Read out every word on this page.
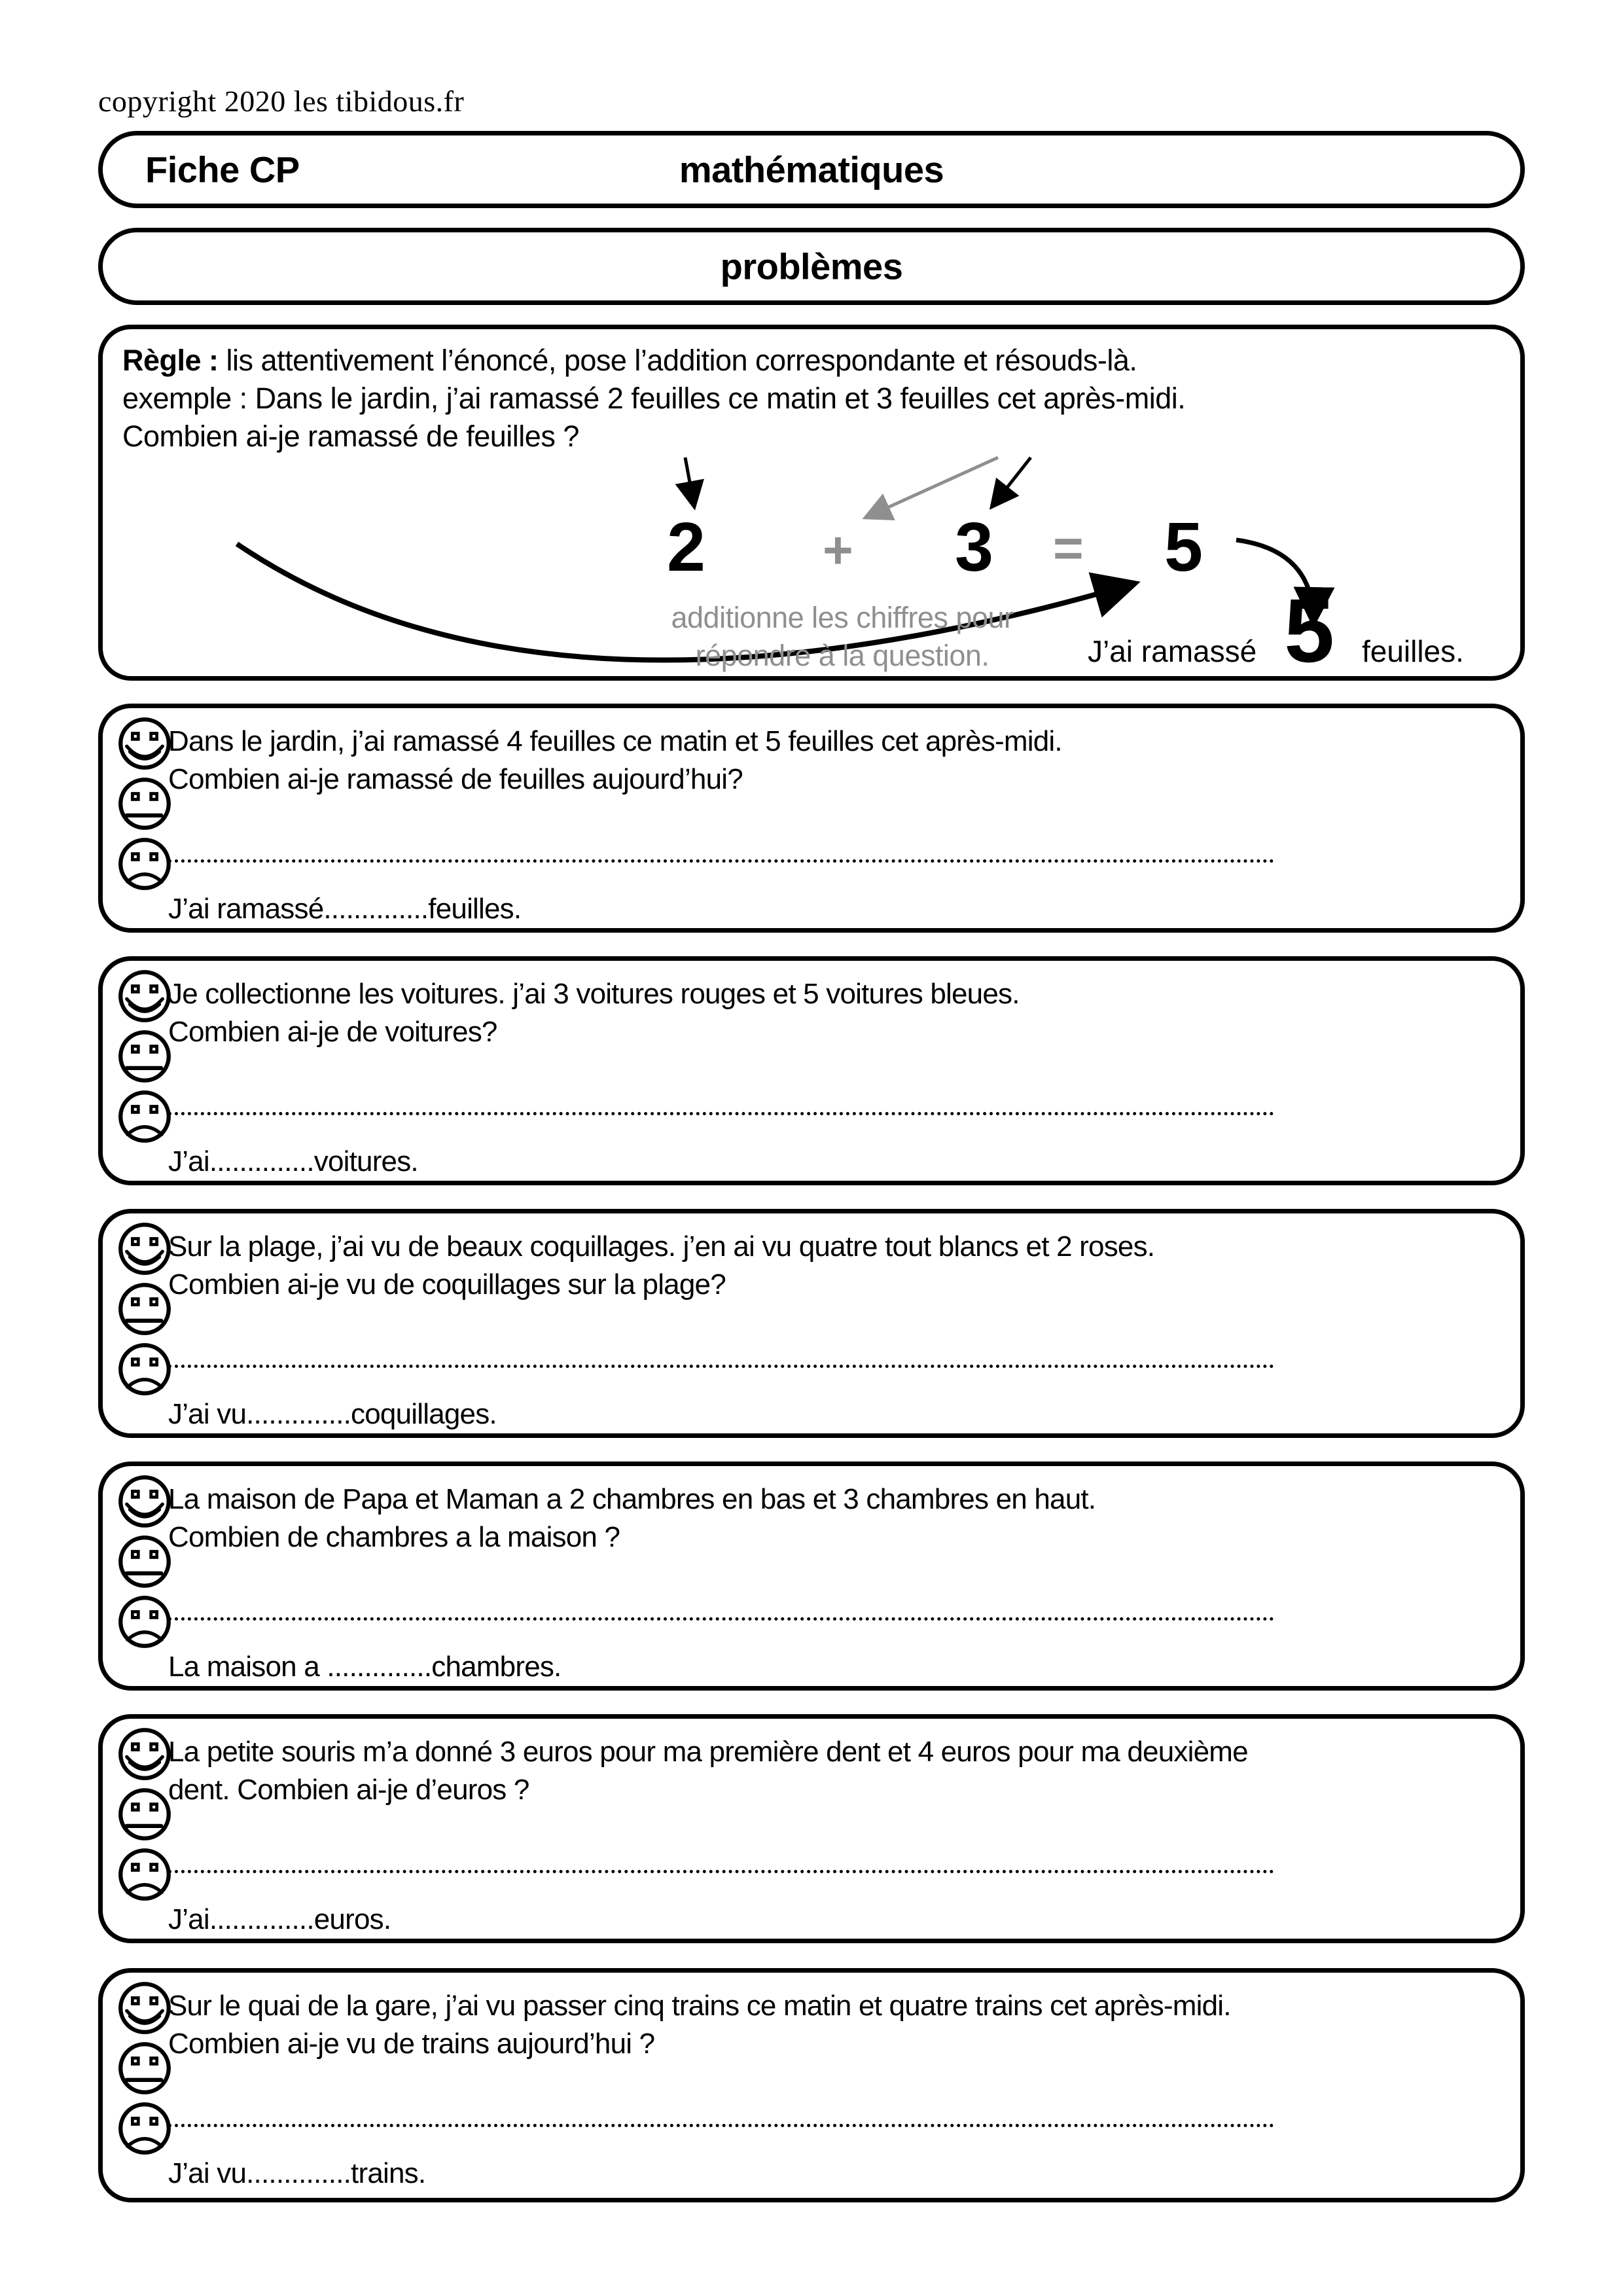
copyright 2020 les tibidous.fr
Fiche CP	mathématiques
problèmes
Règle : lis attentivement l’énoncé, pose l’addition correspondante et résouds-là.
exemple : Dans le jardin, j’ai ramassé 2 feuilles ce matin et 3 feuilles cet après-midi.
Combien ai-je ramassé de feuilles ?
2 + 3 = 5
additionne les chiffres pour
répondre à la question.	J’ai ramassé 5 feuilles.
Dans le jardin, j’ai ramassé 4 feuilles ce matin et 5 feuilles cet après-midi.
Combien ai-je ramassé de feuilles aujourd’hui?
J’ai ramassé..............feuilles.
Je collectionne les voitures. j’ai 3 voitures rouges et 5 voitures bleues.
Combien ai-je de voitures?
J’ai..............voitures.
Sur la plage, j’ai vu de beaux coquillages. j’en ai vu quatre tout blancs et 2 roses.
Combien ai-je vu de coquillages sur la plage?
J’ai vu..............coquillages.
La maison de Papa et Maman a 2 chambres en bas et 3 chambres en haut.
Combien de chambres a la maison ?
La maison a ..............chambres.
La petite souris m’a donné 3 euros pour ma première dent et 4 euros pour ma deuxième
dent. Combien ai-je d’euros ?
J’ai..............euros.
Sur le quai de la gare, j’ai vu passer cinq trains ce matin et quatre trains cet après-midi.
Combien ai-je vu de trains aujourd’hui ?
J’ai vu..............trains.
